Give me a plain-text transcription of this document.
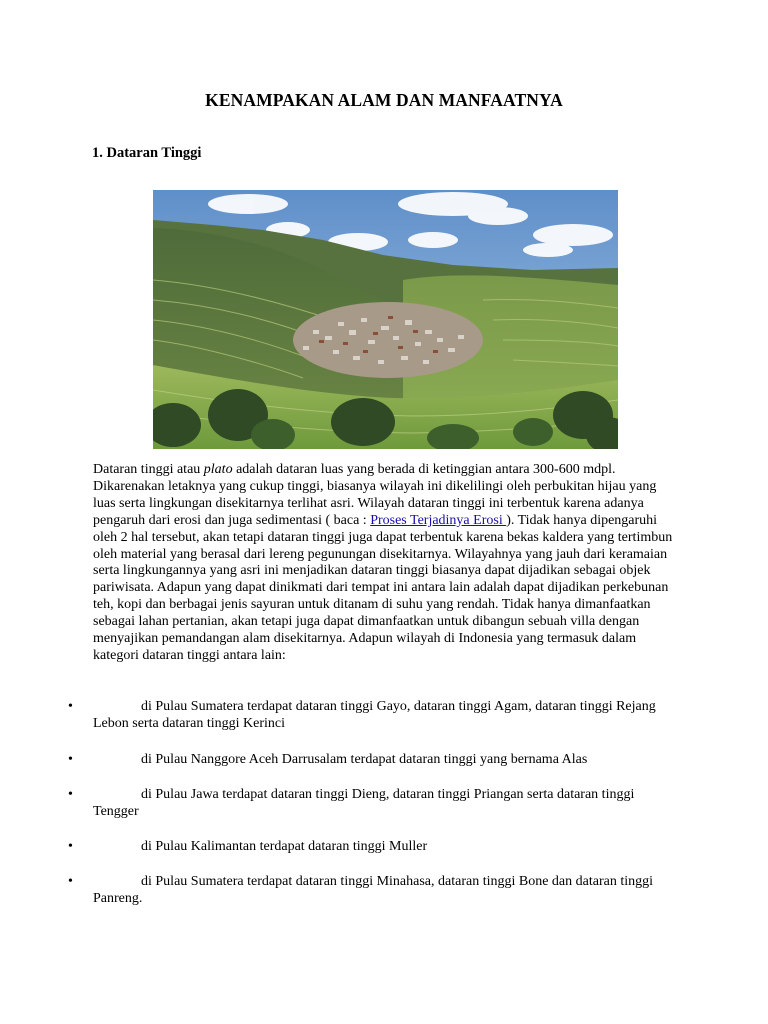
KENAMPAKAN ALAM DAN MANFAATNYA

1. Dataran Tinggi

Dataran tinggi atau plato adalah dataran luas yang berada di ketinggian antara 300-600 mdpl. Dikarenakan letaknya yang cukup tinggi, biasanya wilayah ini dikelilingi oleh perbukitan hijau yang luas serta lingkungan disekitarnya terlihat asri. Wilayah dataran tinggi ini terbentuk karena adanya pengaruh dari erosi dan juga sedimentasi ( baca : Proses Terjadinya Erosi ). Tidak hanya dipengaruhi oleh 2 hal tersebut, akan tetapi dataran tinggi juga dapat terbentuk karena bekas kaldera yang tertimbun oleh material yang berasal dari lereng pegunungan disekitarnya. Wilayahnya yang jauh dari keramaian serta lingkungannya yang asri ini menjadikan dataran tinggi biasanya dapat dijadikan sebagai objek pariwisata. Adapun yang dapat dinikmati dari tempat ini antara lain adalah dapat dijadikan perkebunan teh, kopi dan berbagai jenis sayuran untuk ditanam di suhu yang rendah. Tidak hanya dimanfaatkan sebagai lahan pertanian, akan tetapi juga dapat dimanfaatkan untuk dibangun sebuah villa dengan menyajikan pemandangan alam disekitarnya. Adapun wilayah di Indonesia yang termasuk dalam kategori dataran tinggi antara lain:

•	di Pulau Sumatera terdapat dataran tinggi Gayo, dataran tinggi Agam, dataran tinggi Rejang Lebon serta dataran tinggi Kerinci
•	di Pulau Nanggore Aceh Darrusalam terdapat dataran tinggi yang bernama Alas
•	di Pulau Jawa terdapat dataran tinggi Dieng, dataran tinggi Priangan serta dataran tinggi Tengger
•	di Pulau Kalimantan terdapat dataran tinggi Muller
•	di Pulau Sumatera terdapat dataran tinggi Minahasa, dataran tinggi Bone dan dataran tinggi Panreng.
